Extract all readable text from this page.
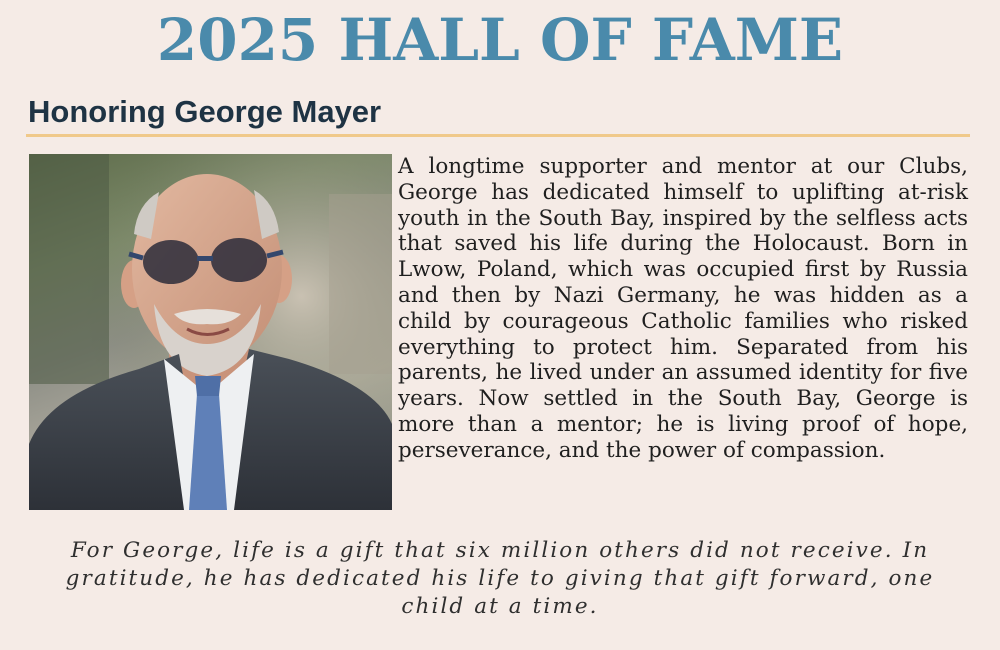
2025 HALL OF FAME
Honoring George Mayer

A longtime supporter and mentor at our Clubs, George has dedicated himself to uplifting at-risk youth in the South Bay, inspired by the selfless acts that saved his life during the Holocaust. Born in Lwow, Poland, which was occupied first by Russia and then by Nazi Germany, he was hidden as a child by courageous Catholic families who risked everything to protect him. Separated from his parents, he lived under an assumed identity for five years. Now settled in the South Bay, George is more than a mentor; he is living proof of hope, perseverance, and the power of compassion.

For George, life is a gift that six million others did not receive. In gratitude, he has dedicated his life to giving that gift forward, one child at a time.
